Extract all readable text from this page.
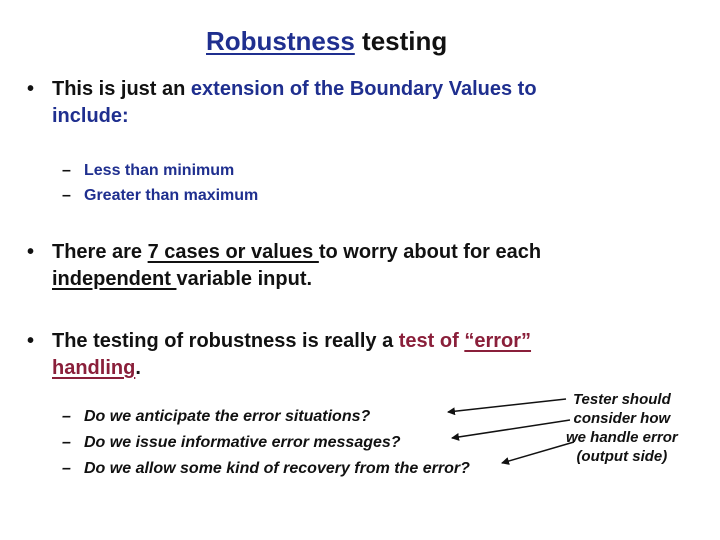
Robustness testing
• This is just an extension of the Boundary Values to
include:
– Less than minimum
– Greater than maximum
• There are 7 cases or values to worry about for each
independent variable input.
• The testing of robustness is really a test of “error”
handling.
– Do we anticipate the error situations?
– Do we issue informative error messages?
– Do we allow some kind of recovery from the error?
Tester should
consider how
we handle error
(output side)
